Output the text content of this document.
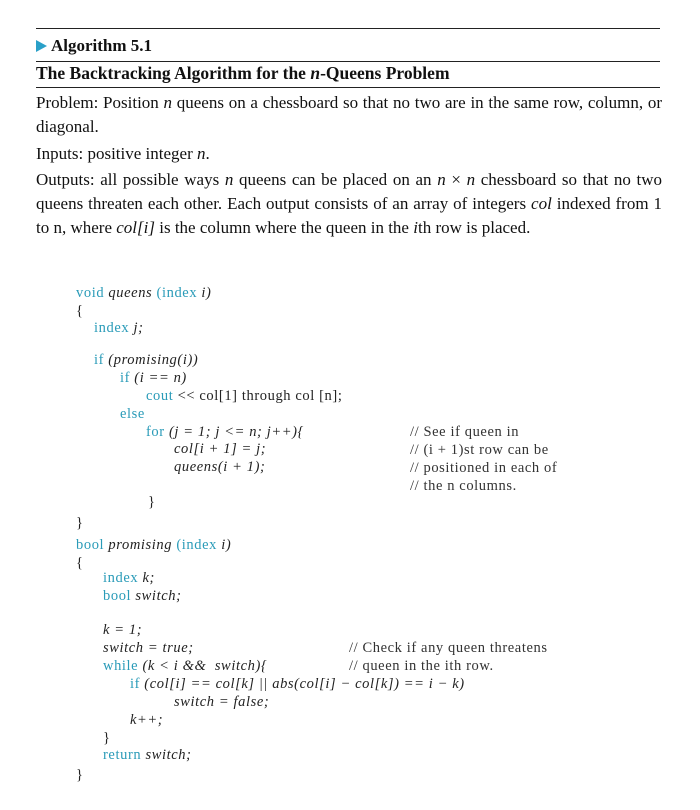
Algorithm 5.1
The Backtracking Algorithm for the n-Queens Problem
Problem: Position n queens on a chessboard so that no two are in the same row, column, or diagonal.
Inputs: positive integer n.
Outputs: all possible ways n queens can be placed on an n × n chessboard so that no two queens threaten each other. Each output consists of an array of integers col indexed from 1 to n, where col[i] is the column where the queen in the ith row is placed.
void queens (index i)
{
index j;
if (promising(i))
if (i == n)
cout << col[1] through col [n];
else
for (j = 1; j <= n; j++){
col[i + 1] = j;
queens(i + 1);
// See if queen in
// (i + 1)st row can be
// positioned in each of
// the n columns.
}
}
bool promising (index i)
{
index k;
bool switch;
k = 1;
switch = true;	// Check if any queen threatens
while (k < i &&  switch){	// queen in the ith row.
if (col[i] == col[k] || abs(col[i] − col[k]) == i − k)
switch = false;
k++;
}
return switch;
}
